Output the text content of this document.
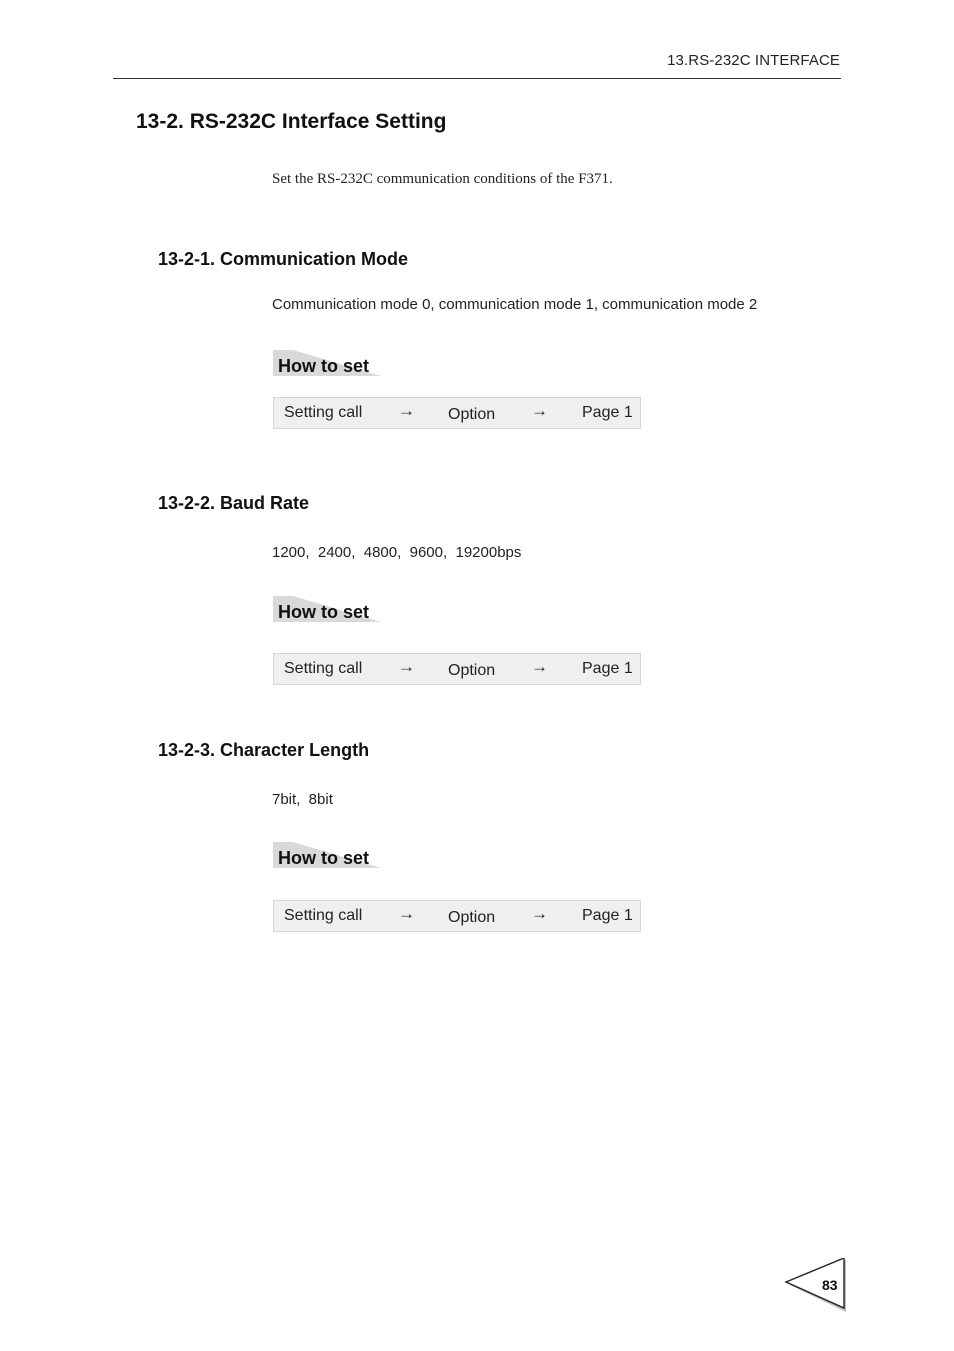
13.RS-232C INTERFACE
13-2. RS-232C Interface Setting
Set the RS-232C communication conditions of the F371.
13-2-1. Communication Mode
Communication mode 0, communication mode 1, communication mode 2
How to set
Setting call → Option → Page 1
13-2-2. Baud Rate
1200,  2400,  4800,  9600,  19200bps
How to set
Setting call → Option → Page 1
13-2-3. Character Length
7bit,  8bit
How to set
Setting call → Option → Page 1
83
